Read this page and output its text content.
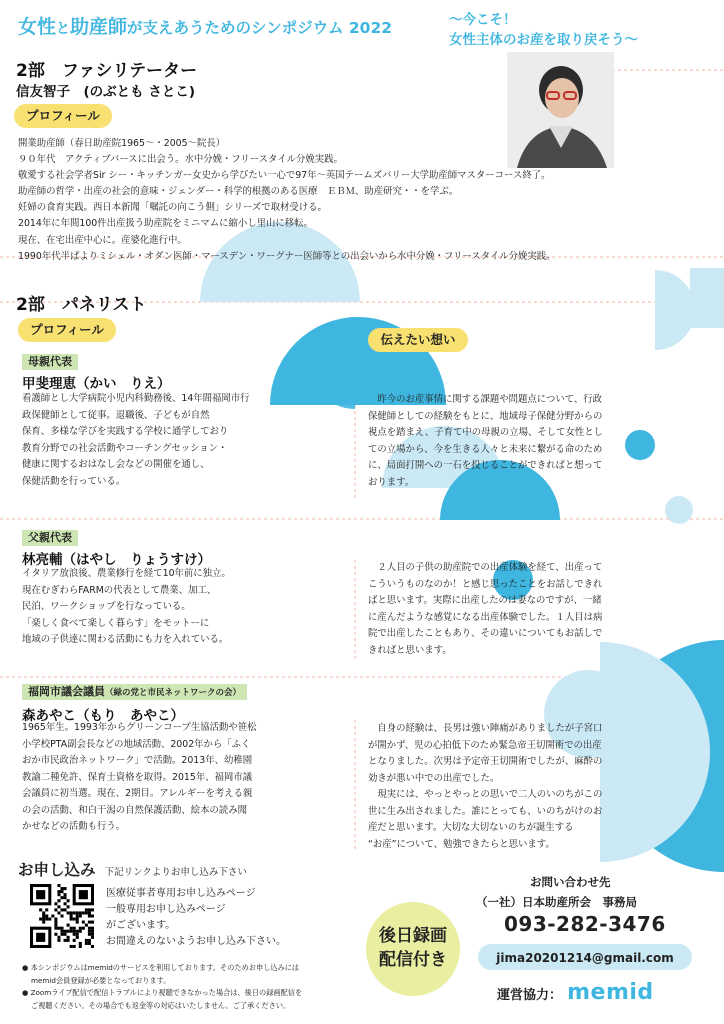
女性と助産師が支えあうためのシンポジウム 2022	〜今こそ！
女性主体のお産を取り戻そう〜
2部　ファシリテーター
信友智子　(のぶとも さとこ)
プロフィール

開業助産師（春日助産院1965〜・2005〜院長）

９０年代　アクティブバースに出会う。水中分娩・フリースタイル分娩実践。

敬愛する社会学者Sir シー・キッチンガー女史から学びたい一心で97年〜英国テームズバリー大学助産師マスターコース終了。

助産師の哲学・出産の社会的意味・ジェンダー・科学的根拠のある医療　ＥＢＭ、助産研究・・を学ぶ。

妊婦の食育実践。西日本新聞「嘱託の向こう側」シリーズで取材受ける。

2014年に年間100件出産扱う助産院をミニマムに縮小し里山に移転。

現在、在宅出産中心に。産婆化進行中。

1990年代半ばよりミシェル・オダン医師・マースデン・ワーグナー医師等との出会いから水中分娩・フリースタイル分娩実践。

2部　パネリスト
プロフィール
伝えたい想い
母親代表
甲斐理恵（かい　りえ）

看護師とし大学病院小児内科勤務後、14年間福岡市行

政保健師として従事。退職後、子どもが自然

保育、多様な学びを実践する学校に通学しており

教育分野での社会活動やコーチングセッション・

健康に関するおはなし会などの開催を通し、

保健活動を行っている。

　昨今のお産事情に関する課題や問題点について、行政

保健師としての経験をもとに、地域母子保健分野からの

視点を踏まえ、子育て中の母親の立場、そして女性とし

ての立場から、今を生きる人々と未来に繋がる命のため

に、局面打開への一石を投じることができればと想って

おります。

父親代表
林亮輔（はやし　りょうすけ）

イタリア放浪後、農業修行を経て10年前に独立。

現在むぎわらFARMの代表として農業、加工、

民泊、ワークショップを行なっている。

「楽しく食べて楽しく暮らす」をモットーに

地域の子供達に関わる活動にも力を入れている。

　２人目の子供の助産院での出産体験を経て、出産って

こういうものなのか！と感じ思ったことをお話しできれ

ばと思います。実際に出産したのは妻なのですが、一緒

に産んだような感覚になる出産体験でした。１人目は病

院で出産したこともあり、その違いについてもお話しで

きればと思います。

福岡市議会議員（緑の党と市民ネットワークの会）
森あやこ（もり　あやこ）

1965年生。1993年からグリーンコープ生協活動や笹松

小学校PTA副会長などの地域活動、2002年から「ふく

おか市民政治ネットワーク」で活動。2013年、幼稚園

教諭二種免許、保育士資格を取得。2015年、福岡市議

会議員に初当選。現在、2期目。アレルギーを考える親

の会の活動、和白干潟の自然保護活動、絵本の読み聞

かせなどの活動も行う。

　自身の経験は、長男は強い陣痛がありましたが子宮口

が開かず、児の心拍低下のため緊急帝王切開術での出産

となりました。次男は予定帝王切開術でしたが、麻酔の

効きが悪い中での出産でした。

　現実には、やっとやっとの思いで二人のいのちがこの

世に生み出されました。誰にとっても、いのちがけのお

産だと思います。大切な大切ないのちが誕生する

“お産”について、勉強できたらと思います。

お申し込み 下記リンクよりお申し込み下さい

医療従事者専用お申し込みページ

一般専用お申し込みページ

がございます。

お間違えのないようお申し込み下さい。

● 本シンポジウムはmemidのサービスを利用しております。そのためお申し込みには

memid会員登録が必要となっております。

● Zoomライブ配信で配信トラブルにより視聴できなかった場合は、後日の録画配信を

ご視聴ください。その場合でも返金等の対応はいたしません。ご了承ください。

後日録画
配信付き
お問い合わせ先
（一社）日本助産所会　事務局
093-282-3476
jima20201214@gmail.com
運営協力： memid
